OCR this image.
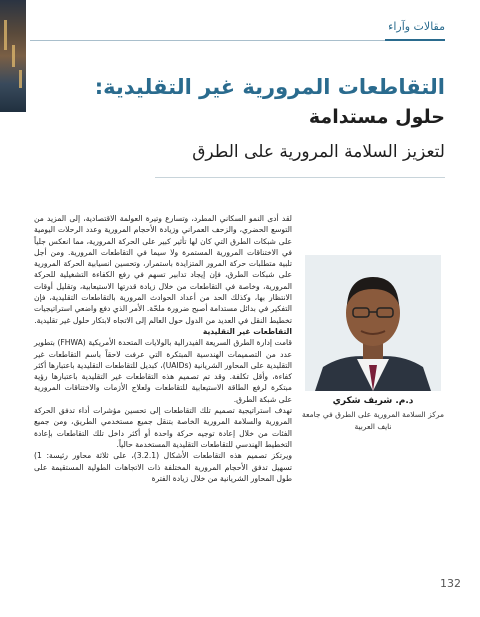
مقالات وآراء
التقاطعات المرورية غير التقليدية:
حلول مستدامة
لتعزيز السلامة المرورية على الطرق
د.م. شريف شكري
مركز السلامة المرورية على الطرق في جامعة نايف العربية

لقد أدى النمو السكاني المطرد، وتسارع وتيرة العولمة الاقتصادية، إلى المزيد من التوسع الحضري، والزحف العمراني وزيادة الأحجام المرورية وعدد الرحلات اليومية على شبكات الطرق التي كان لها تأثير كبير على الحركة المرورية، مما انعكس جلياً في الاختناقات المرورية المستمرة ولا سيما في التقاطعات المرورية. ومن أجل تلبية متطلبات حركة المرور المتزايدة باستمرار، وتحسين انسيابية الحركة المرورية على شبكات الطرق، فإن إيجاد تدابير تسهم في رفع الكفاءة التشغيلية للحركة المرورية، وخاصة في التقاطعات من خلال زيادة قدرتها الاستيعابية، وتقليل أوقات الانتظار بها، وكذلك الحد من أعداد الحوادث المرورية بالتقاطعات التقليدية، فإن التفكير في بدائل مستدامة أصبح ضرورة ملحّة. الأمر الذي دفع واضعي استراتيجيات تخطيط النقل في العديد من الدول حول العالم إلى الاتجاه لابتكار حلول غير تقليدية.

التقاطعات غير التقليدية

قامت إدارة الطرق السريعة الفيدرالية بالولايات المتحدة الأمريكية (FHWA) بتطوير عدد من التصميمات الهندسية المبتكرة التي عرفت لاحقاً باسم التقاطعات غير التقليدية على المحاور الشريانية (UAIDs)، كبديل للتقاطعات التقليدية باعتبارها أكثر كفاءة، وأقل تكلفة. وقد تم تصميم هذه التقاطعات غير التقليدية باعتبارها رؤية مبتكرة لرفع الطاقة الاستيعابية للتقاطعات ولعلاج الأزمات والاختناقات المرورية على شبكة الطرق.

تهدف استراتيجية تصميم تلك التقاطعات إلى تحسين مؤشرات أداء تدفق الحركة المرورية والسلامة المرورية الخاصة بتنقل جميع مستخدمي الطريق، ومن جميع الفئات من خلال إعادة توجيه حركة واحدة أو أكثر داخل تلك التقاطعات بإعادة التخطيط الهندسي للتقاطعات التقليدية المستخدمة حالياً.

ويرتكز تصميم هذه التقاطعات الأشكال (3.2.1)، على ثلاثة محاور رئيسة: 1) تسهيل تدفق الأحجام المرورية المختلفة ذات الاتجاهات الطولية المستقيمة على طول المحاور الشريانية من خلال زيادة الفترة

132
